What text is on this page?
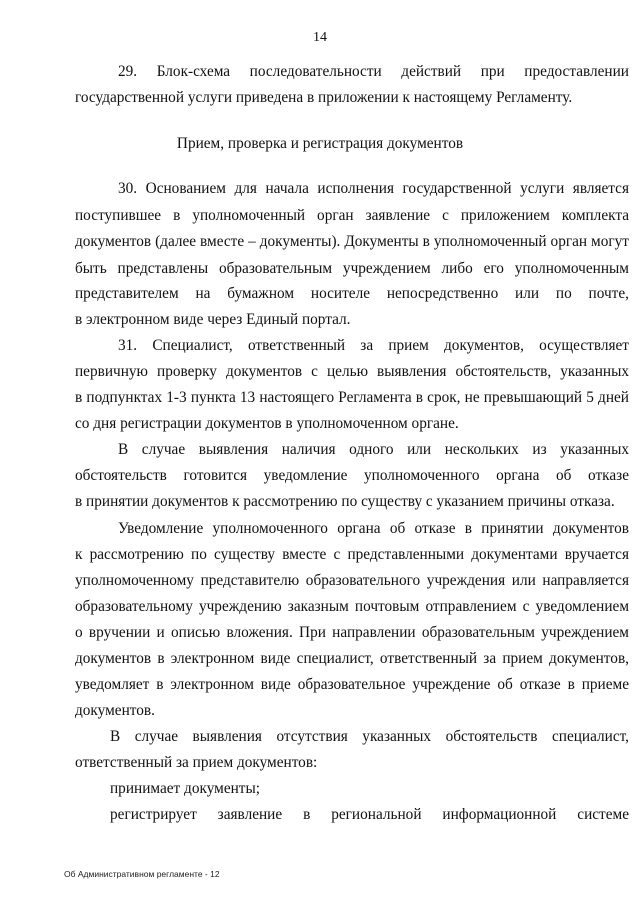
14
29. Блок-схема последовательности действий при предоставлении
государственной услуги приведена в приложении к настоящему Регламенту.
Прием, проверка и регистрация документов
30. Основанием для начала исполнения государственной услуги является
поступившее в уполномоченный орган заявление с приложением комплекта
документов (далее вместе – документы). Документы в уполномоченный орган могут
быть представлены образовательным учреждением либо его уполномоченным
представителем на бумажном носителе непосредственно или по почте,
в электронном виде через Единый портал.
31. Специалист, ответственный за прием документов, осуществляет
первичную проверку документов с целью выявления обстоятельств, указанных
в подпунктах 1-3 пункта 13 настоящего Регламента в срок, не превышающий 5 дней
со дня регистрации документов в уполномоченном органе.
В случае выявления наличия одного или нескольких из указанных
обстоятельств готовится уведомление уполномоченного органа об отказе
в принятии документов к рассмотрению по существу с указанием причины отказа.
Уведомление уполномоченного органа об отказе в принятии документов
к рассмотрению по существу вместе с представленными документами вручается
уполномоченному представителю образовательного учреждения или направляется
образовательному учреждению заказным почтовым отправлением с уведомлением
о вручении и описью вложения. При направлении образовательным учреждением
документов в электронном виде специалист, ответственный за прием документов,
уведомляет в электронном виде образовательное учреждение об отказе в приеме
документов.
В случае выявления отсутствия указанных обстоятельств специалист,
ответственный за прием документов:
принимает документы;
регистрирует заявление в региональной информационной системе
Об Административном регламенте - 12
